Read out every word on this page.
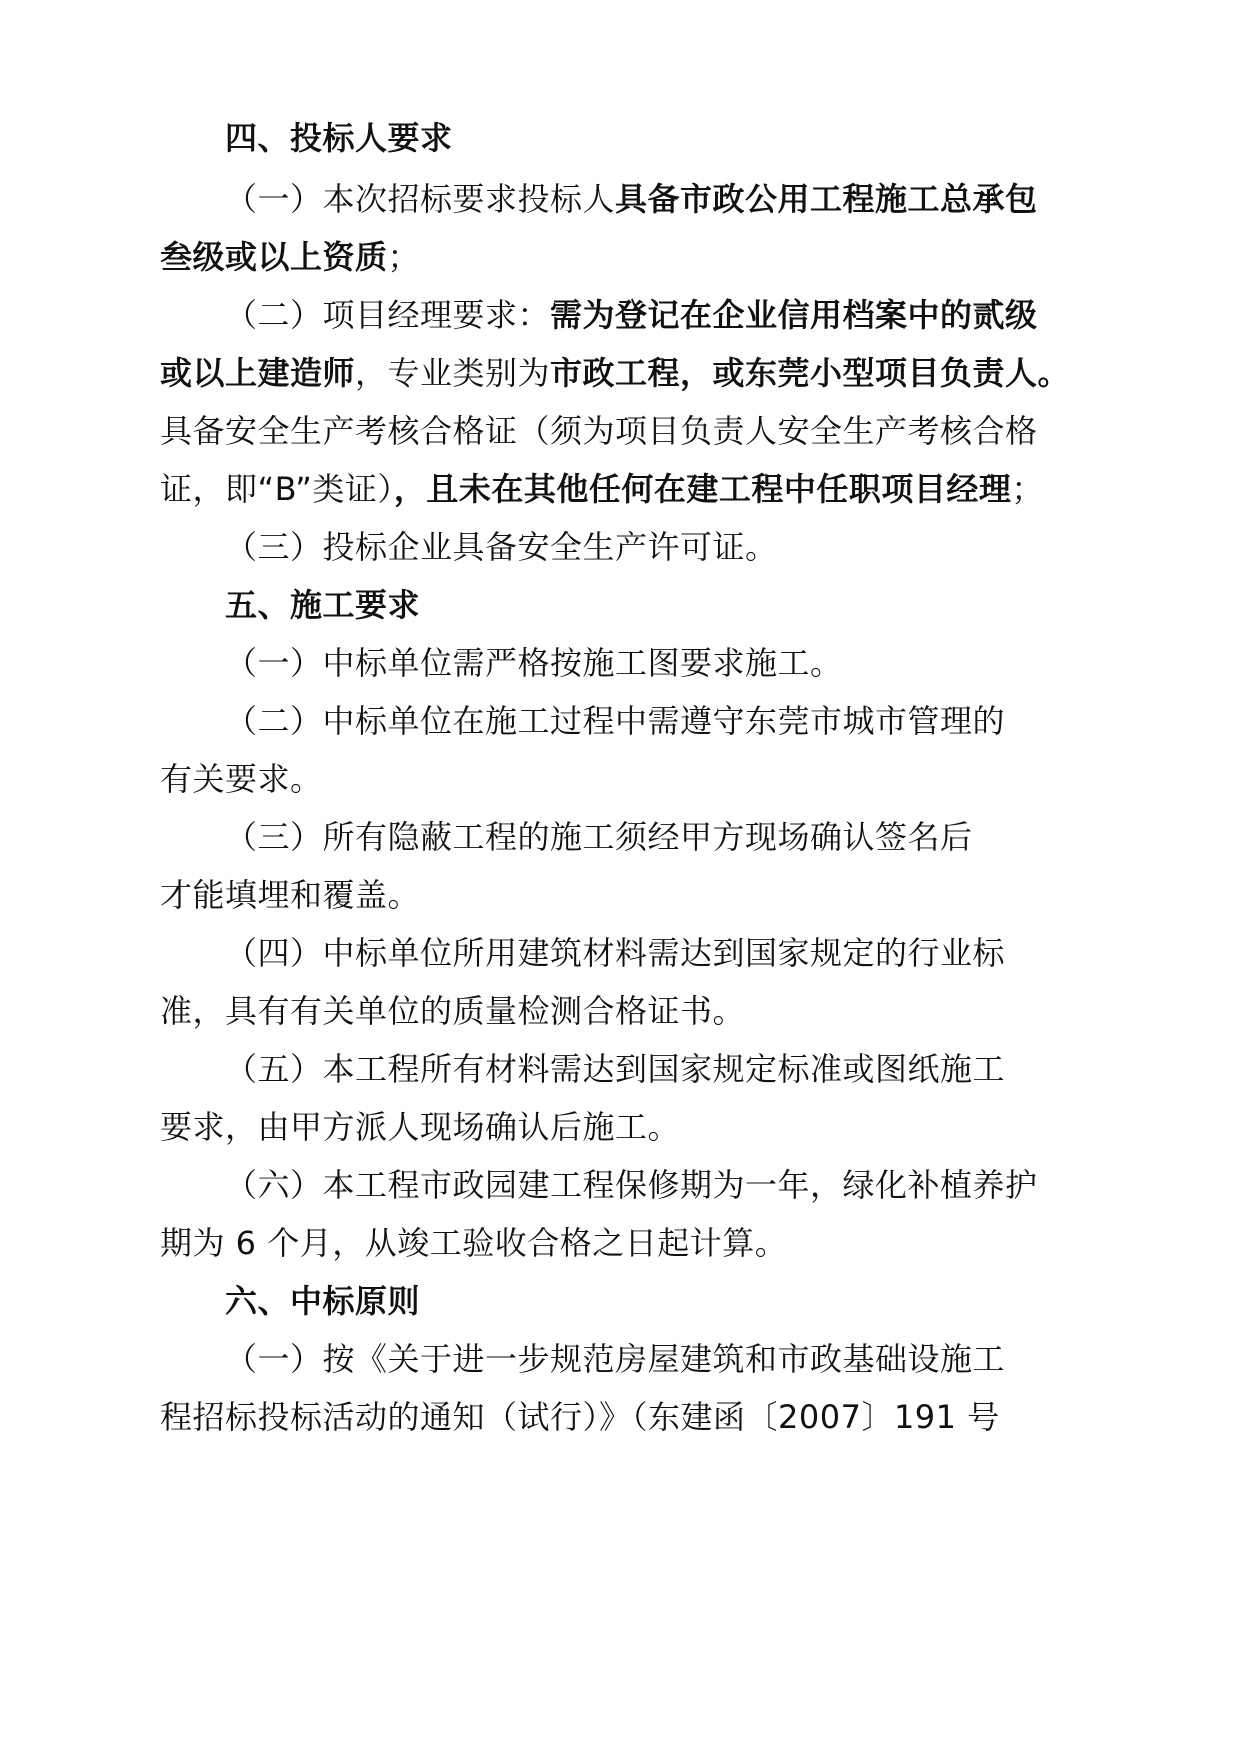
四、投标人要求
（一）本次招标要求投标人具备市政公用工程施工总承包
叁级或以上资质；
（二）项目经理要求：需为登记在企业信用档案中的贰级
或以上建造师，专业类别为市政工程，或东莞小型项目负责人。
具备安全生产考核合格证（须为项目负责人安全生产考核合格
证，即“B”类证），且未在其他任何在建工程中任职项目经理；
（三）投标企业具备安全生产许可证。
五、施工要求
（一）中标单位需严格按施工图要求施工。
（二）中标单位在施工过程中需遵守东莞市城市管理的
有关要求。
（三）所有隐蔽工程的施工须经甲方现场确认签名后
才能填埋和覆盖。
（四）中标单位所用建筑材料需达到国家规定的行业标
准，具有有关单位的质量检测合格证书。
（五）本工程所有材料需达到国家规定标准或图纸施工
要求，由甲方派人现场确认后施工。
（六）本工程市政园建工程保修期为一年，绿化补植养护
期为 6 个月，从竣工验收合格之日起计算。
六、中标原则
（一）按《关于进一步规范房屋建筑和市政基础设施工
程招标投标活动的通知（试行）》（东建函〔2007〕191 号
